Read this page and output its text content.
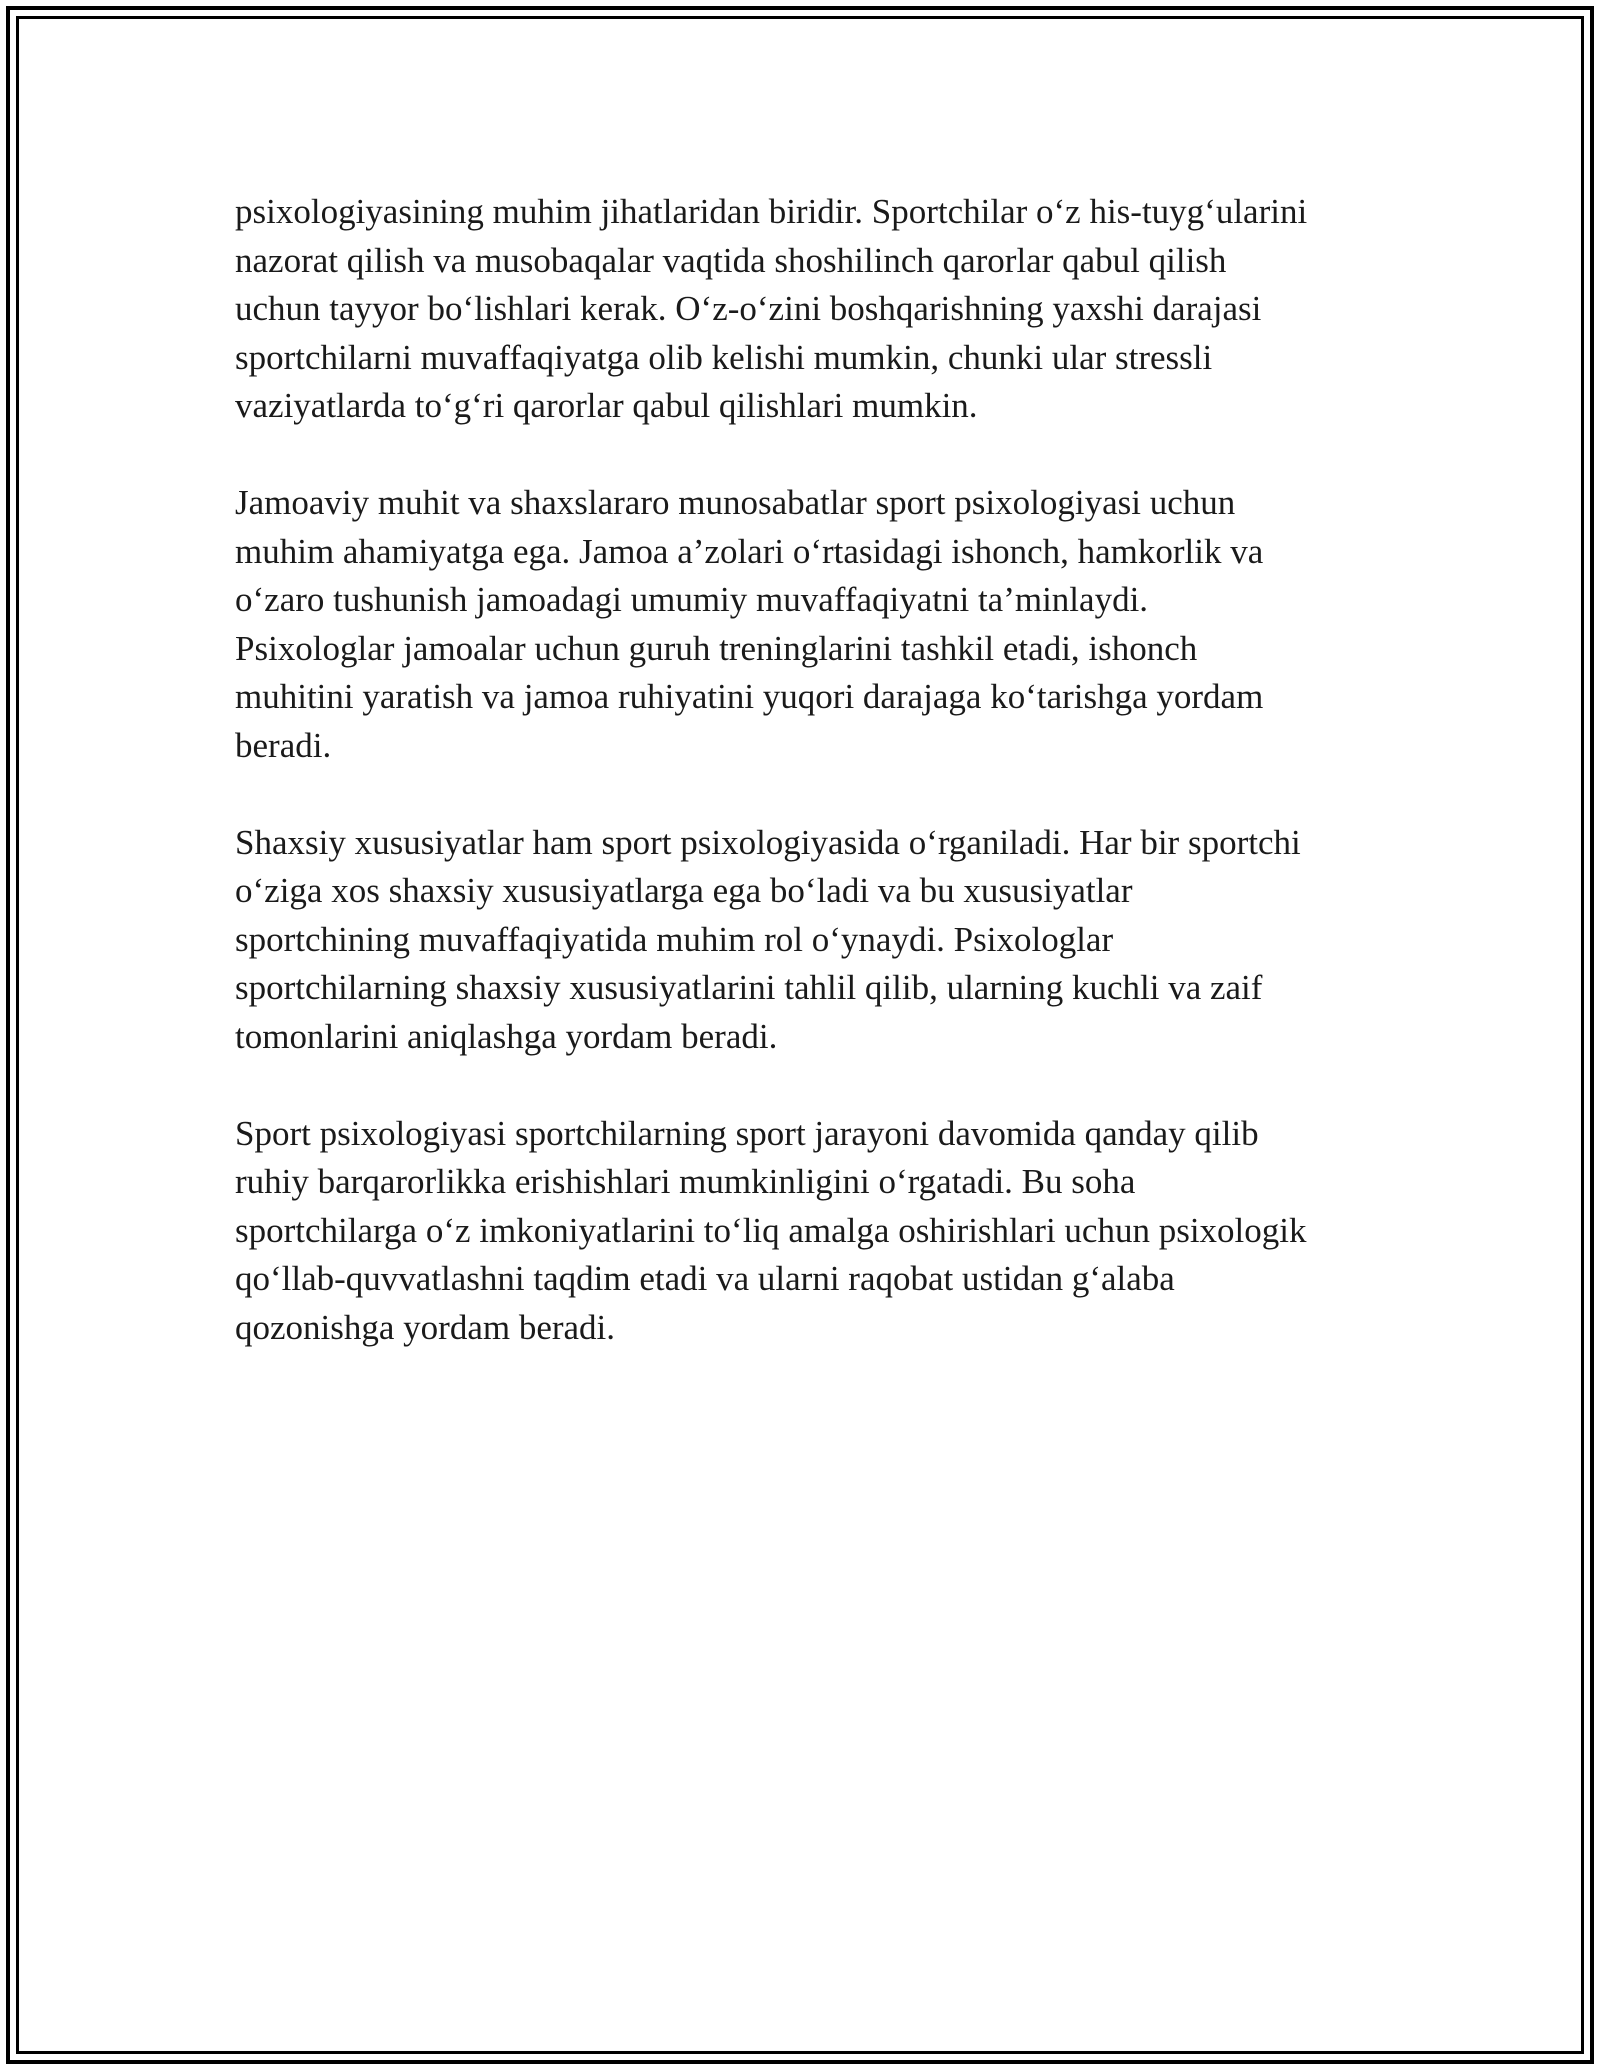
psixologiyasining muhim jihatlaridan biridir. Sportchilar o‘z his-tuyg‘ularini
nazorat qilish va musobaqalar vaqtida shoshilinch qarorlar qabul qilish
uchun tayyor bo‘lishlari kerak. O‘z-o‘zini boshqarishning yaxshi darajasi
sportchilarni muvaffaqiyatga olib kelishi mumkin, chunki ular stressli
vaziyatlarda to‘g‘ri qarorlar qabul qilishlari mumkin.

Jamoaviy muhit va shaxslararo munosabatlar sport psixologiyasi uchun
muhim ahamiyatga ega. Jamoa a’zolari o‘rtasidagi ishonch, hamkorlik va
o‘zaro tushunish jamoadagi umumiy muvaffaqiyatni ta’minlaydi.
Psixologlar jamoalar uchun guruh treninglarini tashkil etadi, ishonch
muhitini yaratish va jamoa ruhiyatini yuqori darajaga ko‘tarishga yordam
beradi.

Shaxsiy xususiyatlar ham sport psixologiyasida o‘rganiladi. Har bir sportchi
o‘ziga xos shaxsiy xususiyatlarga ega bo‘ladi va bu xususiyatlar
sportchining muvaffaqiyatida muhim rol o‘ynaydi. Psixologlar
sportchilarning shaxsiy xususiyatlarini tahlil qilib, ularning kuchli va zaif
tomonlarini aniqlashga yordam beradi.

Sport psixologiyasi sportchilarning sport jarayoni davomida qanday qilib
ruhiy barqarorlikka erishishlari mumkinligini o‘rgatadi. Bu soha
sportchilarga o‘z imkoniyatlarini to‘liq amalga oshirishlari uchun psixologik
qo‘llab-quvvatlashni taqdim etadi va ularni raqobat ustidan g‘alaba
qozonishga yordam beradi.
